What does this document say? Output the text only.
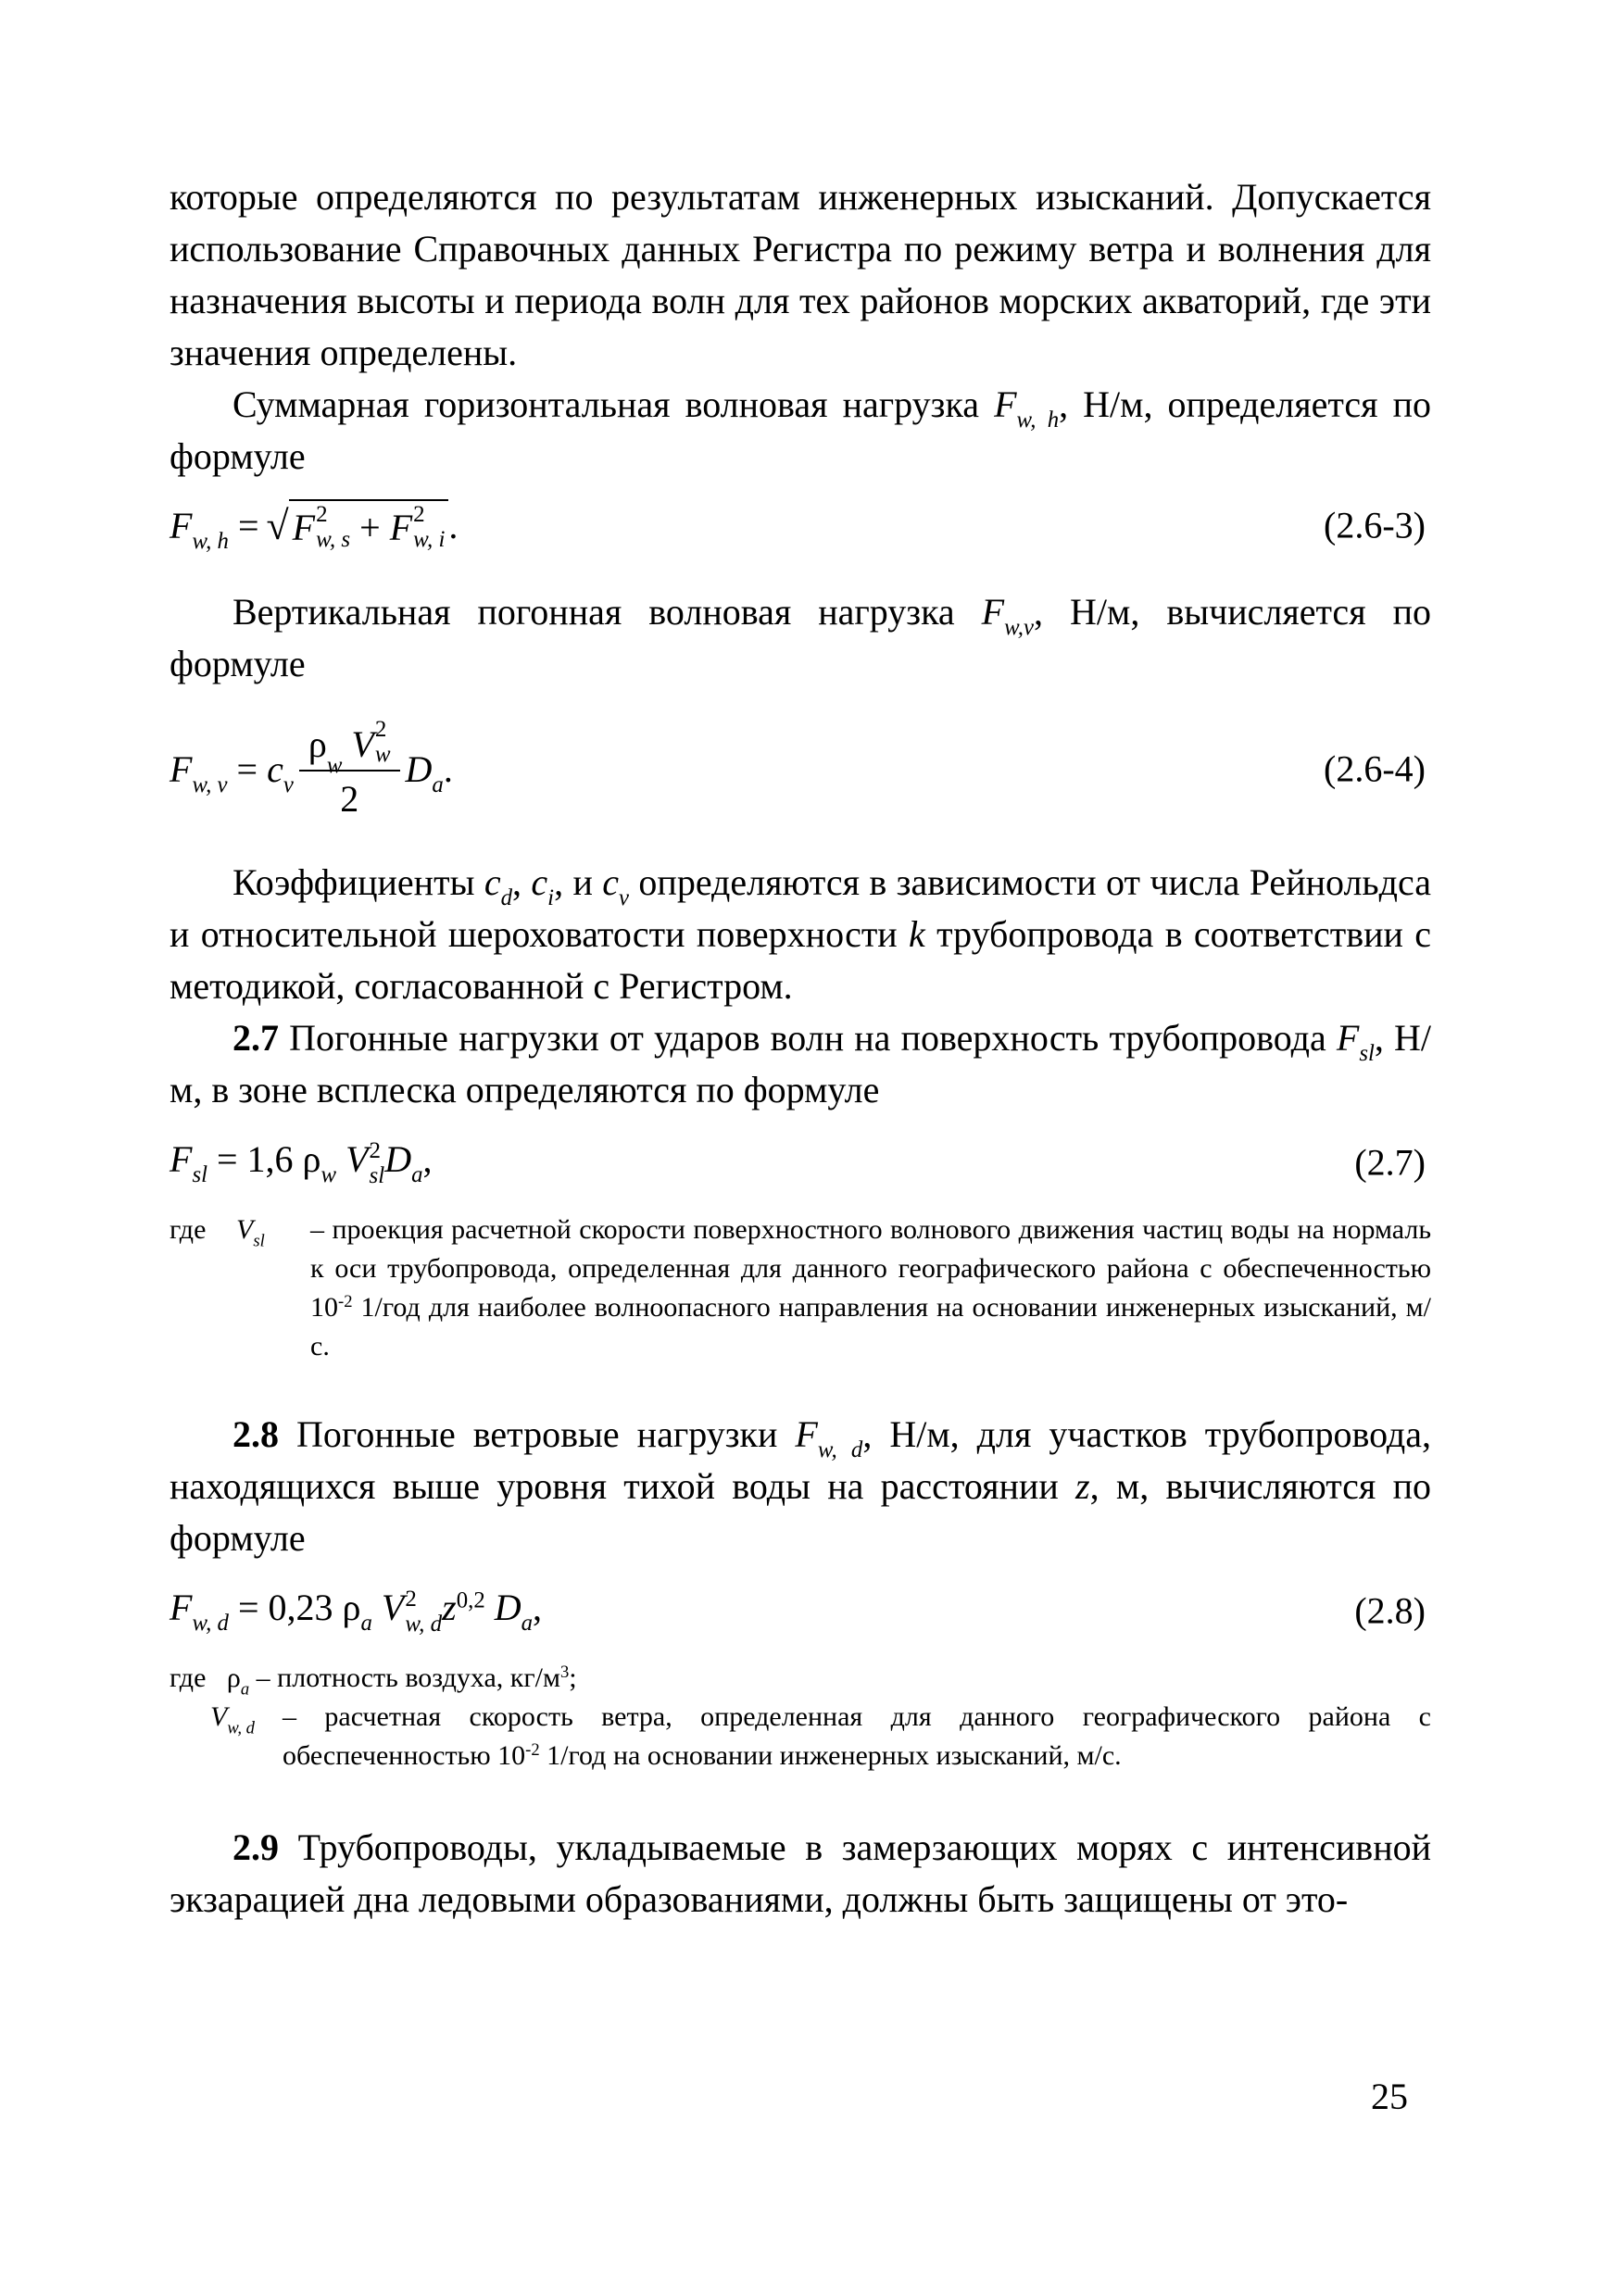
которые определяются по результатам инженерных изысканий. Допускается использование Справочных данных Регистра по режиму ветра и волнения для назначения высоты и периода волн для тех районов морских акваторий, где эти значения определены.

Суммарная горизонтальная волновая нагрузка $F_{w, h}$, Н/м, определяется по формуле

$F_{w, h}$ = √ F 2
w, s + F 2
w, i .	(2.6-3)

Вертикальная погонная волновая нагрузка $F_{w,v}$, Н/м, вычисляется по формуле

$F_{w, v} = c_v$ ρ
w

V 2
w
2 $D_a$.	(2.6-4)

Коэффициенты $c_d$, $c_i$, и $c_v$ определяются в зависимости от числа Рейнольдса и относительной шероховатости поверхности k трубопровода в соответствии с методикой, согласованной с Регистром.

2.7 Погонные нагрузки от ударов волн на поверхность трубопровода $F_{sl}$, Н/м, в зоне всплеска определяются по формуле

$F_{sl} = 1,6$ $\rho_w$ V 2
sl $D_a$,	(2.7)
где $V_{sl}$ – проекция расчетной скорости поверхностного волнового движения частиц воды на нормаль к оси трубопровода, определенная для данного географического района с обеспеченностью $10^{-2}$ 1/год для наиболее волноопасного направления на основании инженерных изысканий, м/с.

2.8 Погонные ветровые нагрузки $F_{w, d}$, Н/м, для участков трубопровода, находящихся выше уровня тихой воды на расстоянии z, м, вычисляются по формуле

$F_{w, d} = 0,23$ $\rho_a$ V 2
w, d $z^{0,2}$ $D_a$,	(2.8)
где   $\rho_a$ – плотность воздуха, $кг/м^3$;
$V_{w, d}$ – расчетная скорость ветра, определенная для данного географического района с обеспеченностью $10^{-2}$ 1/год на основании инженерных изысканий, м/с.

2.9 Трубопроводы, укладываемые в замерзающих морях с интенсивной экзарацией дна ледовыми образованиями, должны быть защищены от это-

25
